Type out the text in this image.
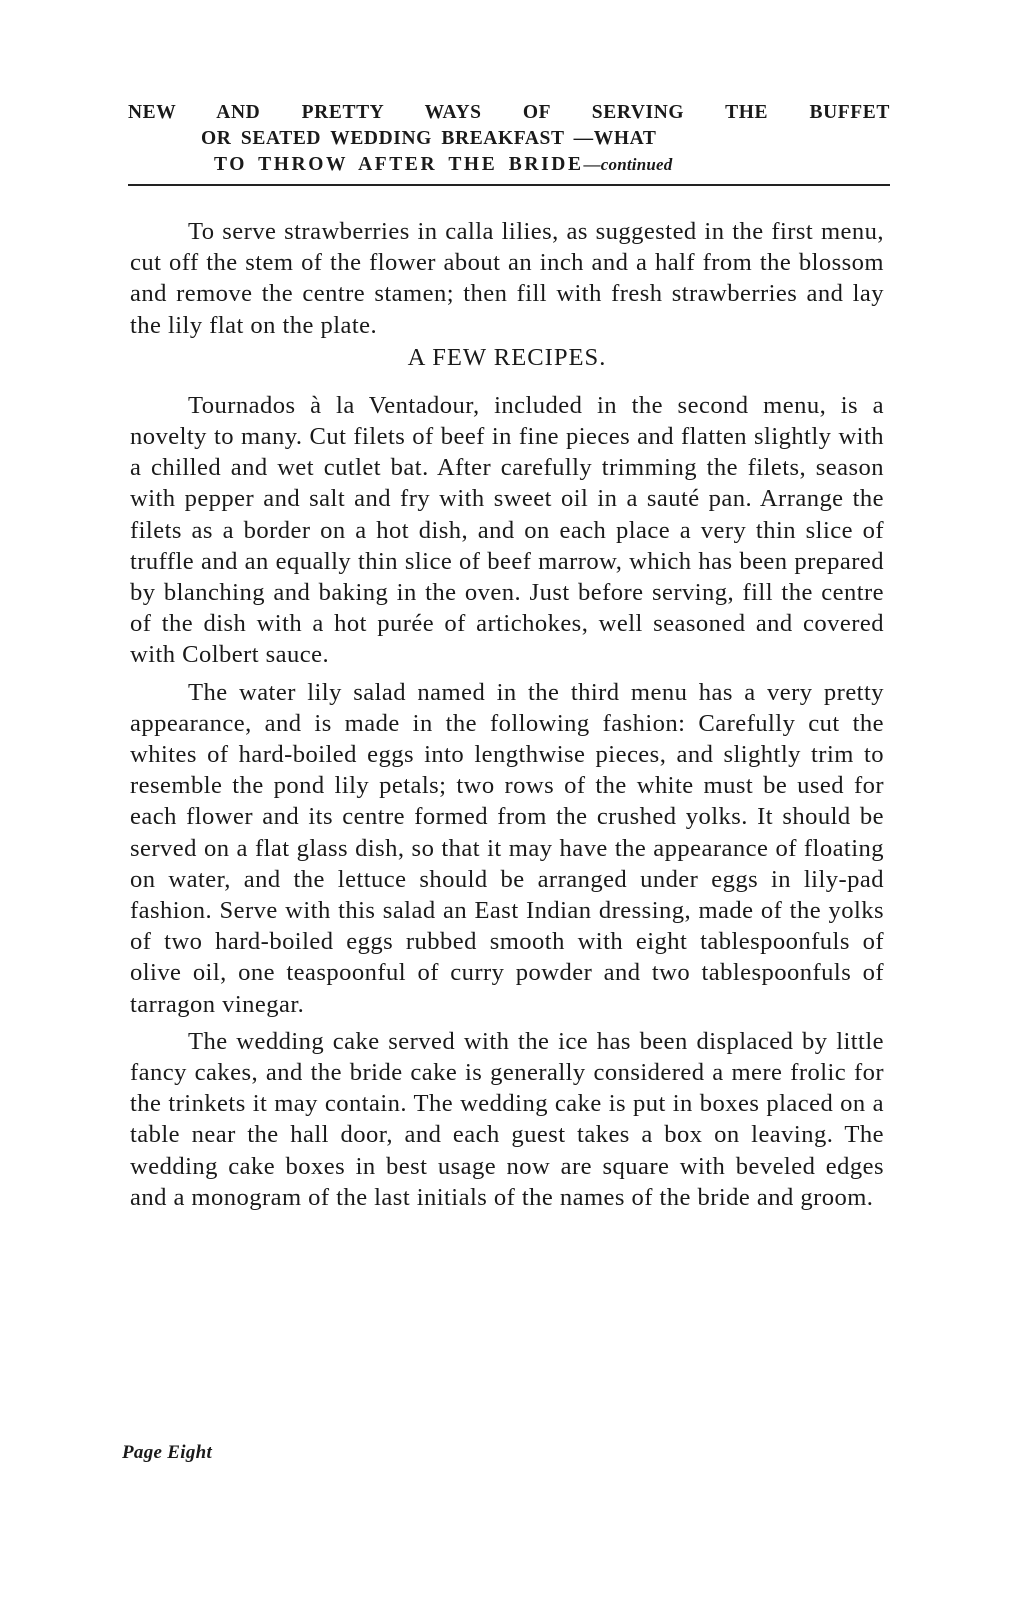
NEW AND PRETTY WAYS OF SERVING THE BUFFET
OR SEATED WEDDING BREAKFAST —WHAT
TO THROW AFTER THE BRIDE—continued

To serve strawberries in calla lilies, as suggested in the first menu, cut off the stem of the flower about an inch and a half from the blossom and remove the centre stamen; then fill with fresh strawberries and lay the lily flat on the plate.

A FEW RECIPES.

Tournados à la Ventadour, included in the second menu, is a novelty to many. Cut filets of beef in fine pieces and flatten slightly with a chilled and wet cutlet bat. After carefully trimming the filets, season with pepper and salt and fry with sweet oil in a sauté pan. Arrange the filets as a border on a hot dish, and on each place a very thin slice of truffle and an equally thin slice of beef marrow, which has been prepared by blanching and baking in the oven. Just before serving, fill the centre of the dish with a hot purée of artichokes, well seasoned and covered with Colbert sauce.

The water lily salad named in the third menu has a very pretty appearance, and is made in the following fashion: Carefully cut the whites of hard-boiled eggs into lengthwise pieces, and slightly trim to resemble the pond lily petals; two rows of the white must be used for each flower and its centre formed from the crushed yolks. It should be served on a flat glass dish, so that it may have the appearance of floating on water, and the lettuce should be arranged under eggs in lily-pad fashion. Serve with this salad an East Indian dressing, made of the yolks of two hard-boiled eggs rubbed smooth with eight tablespoonfuls of olive oil, one teaspoonful of curry powder and two tablespoonfuls of tarragon vinegar.

The wedding cake served with the ice has been displaced by little fancy cakes, and the bride cake is generally considered a mere frolic for the trinkets it may contain. The wedding cake is put in boxes placed on a table near the hall door, and each guest takes a box on leaving. The wedding cake boxes in best usage now are square with beveled edges and a monogram of the last initials of the names of the bride and groom.

Page Eight
